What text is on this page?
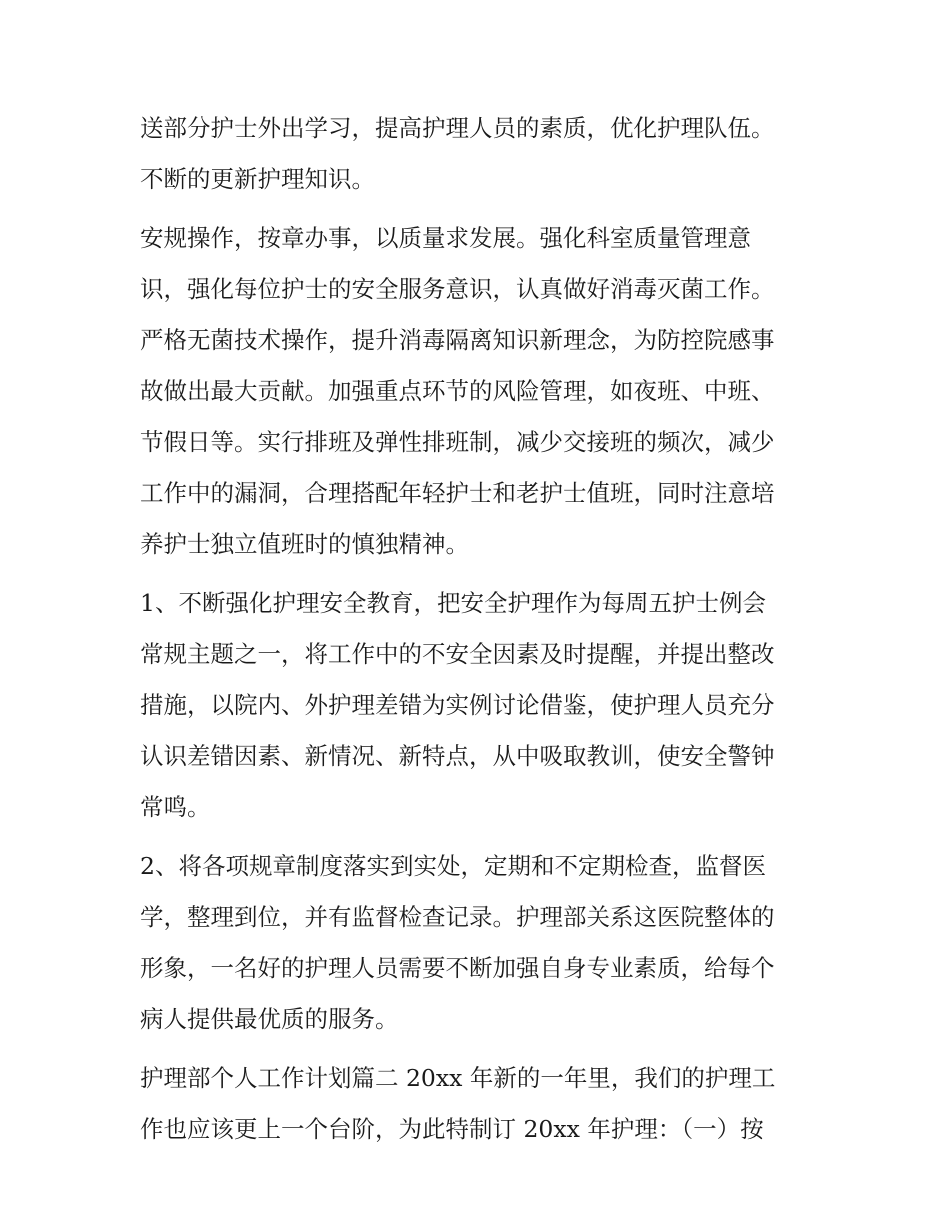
送部分护士外出学习，提高护理人员的素质，优化护理队伍。

不断的更新护理知识。

安规操作，按章办事，以质量求发展。强化科室质量管理意

识，强化每位护士的安全服务意识，认真做好消毒灭菌工作。

严格无菌技术操作，提升消毒隔离知识新理念，为防控院感事

故做出最大贡献。加强重点环节的风险管理，如夜班、中班、

节假日等。实行排班及弹性排班制，减少交接班的频次，减少

工作中的漏洞，合理搭配年轻护士和老护士值班，同时注意培

养护士独立值班时的慎独精神。

1、不断强化护理安全教育，把安全护理作为每周五护士例会

常规主题之一，将工作中的不安全因素及时提醒，并提出整改

措施，以院内、外护理差错为实例讨论借鉴，使护理人员充分

认识差错因素、新情况、新特点，从中吸取教训，使安全警钟

常鸣。

2、将各项规章制度落实到实处，定期和不定期检查，监督医

学，整理到位，并有监督检查记录。护理部关系这医院整体的

形象，一名好的护理人员需要不断加强自身专业素质，给每个

病人提供最优质的服务。

护理部个人工作计划篇二 20xx 年新的一年里，我们的护理工

作也应该更上一个台阶，为此特制订 20xx 年护理：（一）按
